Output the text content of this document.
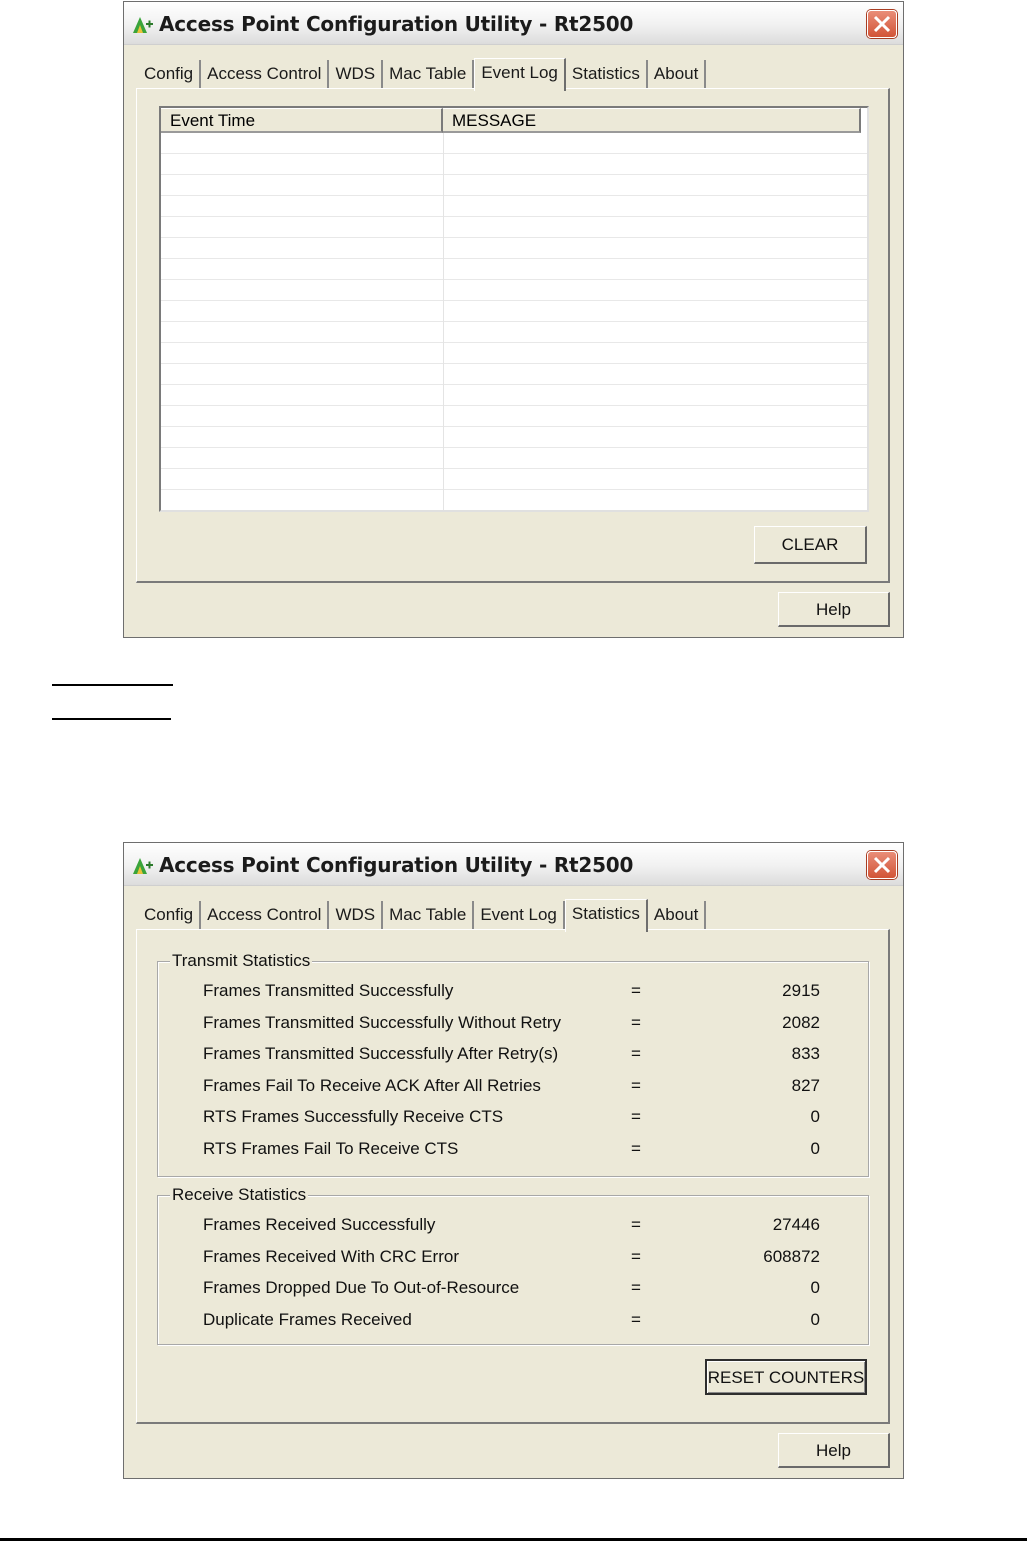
Access Point Configuration Utility - Rt2500
Config Access Control WDS Mac Table Event Log Statistics About
Event Time	MESSAGE
CLEAR
Help
Access Point Configuration Utility - Rt2500
Config Access Control WDS Mac Table Event Log Statistics About
Transmit Statistics
Frames Transmitted Successfully	=	2915
Frames Transmitted Successfully Without Retry	=	2082
Frames Transmitted Successfully After Retry(s)	=	833
Frames Fail To Receive ACK After All Retries	=	827
RTS Frames Successfully Receive CTS	=	0
RTS Frames Fail To Receive CTS	=	0
Receive Statistics
Frames Received Successfully	=	27446
Frames Received With CRC Error	=	608872
Frames Dropped Due To Out-of-Resource	=	0
Duplicate Frames Received	=	0
RESET COUNTERS
Help
